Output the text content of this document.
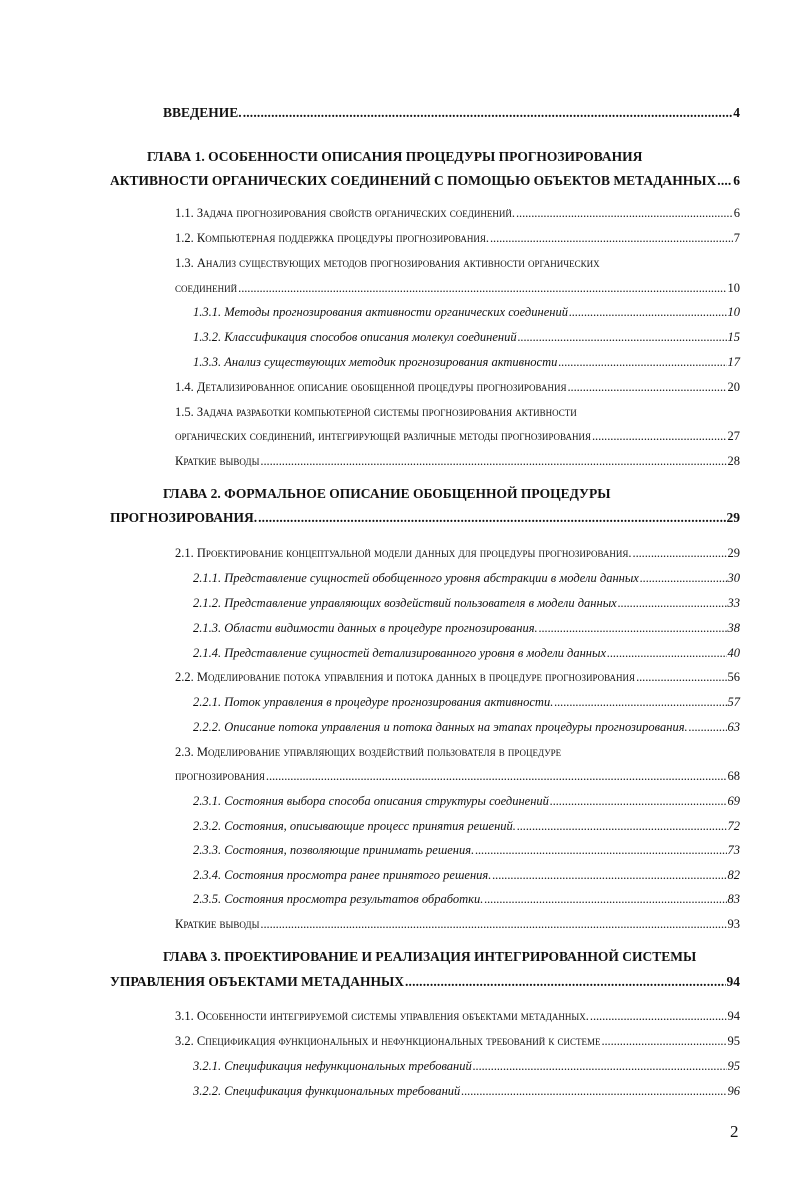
ВВЕДЕНИЕ. . . .	4
ГЛАВА 1. ОСОБЕННОСТИ ОПИСАНИЯ ПРОЦЕДУРЫ ПРОГНОЗИРОВАНИЯ
АКТИВНОСТИ ОРГАНИЧЕСКИХ СОЕДИНЕНИЙ С ПОМОЩЬЮ ОБЪЕКТОВ МЕТАДАННЫХ . . . 6
1.1. Задача прогнозирования свойств органических соединений. . . .	6
1.2. Компьютерная поддержка процедуры прогнозирования. . . .	7
1.3. Анализ существующих методов прогнозирования активности органических
соединений . . .	10
1.3.1. Методы прогнозирования активности органических соединений . . .	10
1.3.2. Классификация способов описания молекул соединений . . .	15
1.3.3. Анализ существующих методик прогнозирования активности . . .	17
1.4. Детализированное описание обобщенной процедуры прогнозирования . . .	20
1.5. Задача разработки компьютерной системы прогнозирования активности
органических соединений, интегрирующей различные методы прогнозирования . . .	27
Краткие выводы . . .	28
ГЛАВА 2. ФОРМАЛЬНОЕ ОПИСАНИЕ ОБОБЩЕННОЙ ПРОЦЕДУРЫ
ПРОГНОЗИРОВАНИЯ. . . .	29
2.1. Проектирование концептуальной модели данных для процедуры прогнозирования. . . .	29
2.1.1. Представление сущностей обобщенного уровня абстракции в модели данных . . .	30
2.1.2. Представление управляющих воздействий пользователя в модели данных . . .	33
2.1.3. Области видимости данных в процедуре прогнозирования. . . .	38
2.1.4. Представление сущностей детализированного уровня в модели данных . . .	40
2.2. Моделирование потока управления и потока данных в процедуре прогнозирования . . .	56
2.2.1. Поток управления в процедуре прогнозирования активности. . . .	57
2.2.2. Описание потока управления и потока данных на этапах процедуры прогнозирования. . . .	63
2.3. Моделирование управляющих воздействий пользователя в процедуре
прогнозирования . . .	68
2.3.1. Состояния выбора способа описания структуры соединений . . .	69
2.3.2. Состояния, описывающие процесс принятия решений. . . .	72
2.3.3. Состояния, позволяющие принимать решения. . . .	73
2.3.4. Состояния просмотра ранее принятого решения. . . .	82
2.3.5. Состояния просмотра результатов обработки. . . .	83
Краткие выводы . . .	93
ГЛАВА 3. ПРОЕКТИРОВАНИЕ И РЕАЛИЗАЦИЯ ИНТЕГРИРОВАННОЙ СИСТЕМЫ
УПРАВЛЕНИЯ ОБЪЕКТАМИ МЕТАДАННЫХ . . .	94
3.1. Особенности интегрируемой системы управления объектами метаданных. . . .	94
3.2. Спецификация функциональных и нефункциональных требований к системе . . .	95
3.2.1. Спецификация нефункциональных требований . . .	95
3.2.2. Спецификация функциональных требований . . .	96
2
